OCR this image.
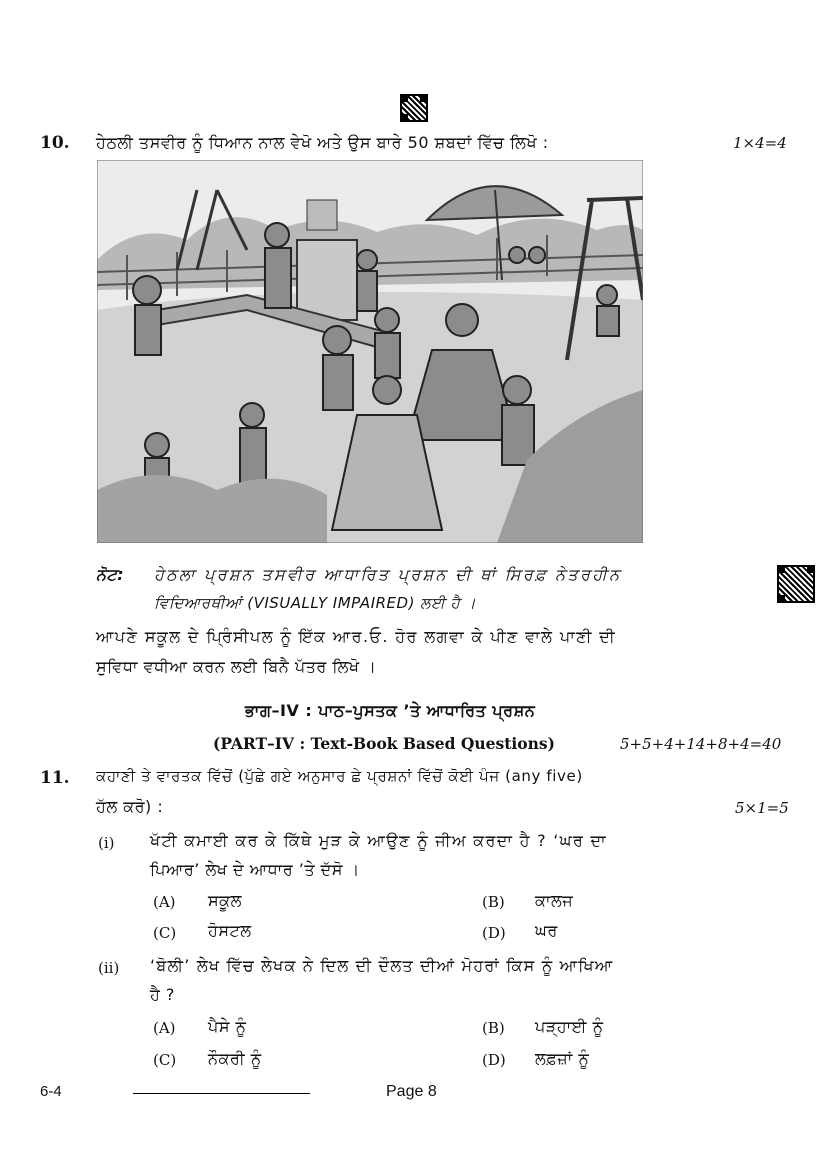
10. ਹੇਠਲੀ ਤਸਵੀਰ ਨੂੰ ਧਿਆਨ ਨਾਲ ਵੇਖੋ ਅਤੇ ਉਸ ਬਾਰੇ 50 ਸ਼ਬਦਾਂ ਵਿੱਚ ਲਿਖੋ :	1×4=4
ਨੋਟ: ਹੇਠਲਾ ਪ੍ਰਸ਼ਨ ਤਸਵੀਰ ਆਧਾਰਿਤ ਪ੍ਰਸ਼ਨ ਦੀ ਥਾਂ ਸਿਰਫ਼ ਨੇਤਰਹੀਨ
ਵਿਦਿਆਰਥੀਆਂ (VISUALLY IMPAIRED) ਲਈ ਹੈ ।
ਆਪਣੇ ਸਕੂਲ ਦੇ ਪ੍ਰਿੰਸੀਪਲ ਨੂੰ ਇੱਕ ਆਰ.ਓ. ਹੋਰ ਲਗਵਾ ਕੇ ਪੀਣ ਵਾਲੇ ਪਾਣੀ ਦੀ
ਸੁਵਿਧਾ ਵਧੀਆ ਕਰਨ ਲਈ ਬਿਨੈ ਪੱਤਰ ਲਿਖੋ ।
ਭਾਗ–IV : ਪਾਠ–ਪੁਸਤਕ ’ਤੇ ਆਧਾਰਿਤ ਪ੍ਰਸ਼ਨ
(PART–IV : Text-Book Based Questions)	5+5+4+14+8+4=40
11. ਕਹਾਣੀ ਤੇ ਵਾਰਤਕ ਵਿੱਚੋਂ (ਪੁੱਛੇ ਗਏ ਅਨੁਸਾਰ ਛੇ ਪ੍ਰਸ਼ਨਾਂ ਵਿੱਚੋਂ ਕੋਈ ਪੰਜ (any five)
ਹੱਲ ਕਰੋ) :	5×1=5
(i) ਖੱਟੀ ਕਮਾਈ ਕਰ ਕੇ ਕਿੱਥੇ ਮੁੜ ਕੇ ਆਉਣ ਨੂੰ ਜੀਅ ਕਰਦਾ ਹੈ ? ‘ਘਰ ਦਾ
ਪਿਆਰ’ ਲੇਖ ਦੇ ਆਧਾਰ ’ਤੇ ਦੱਸੋ ।
(A) ਸਕੂਲ	(B) ਕਾਲਜ
(C) ਹੋਸਟਲ	(D) ਘਰ
(ii) ‘ਬੋਲੀ’ ਲੇਖ ਵਿੱਚ ਲੇਖਕ ਨੇ ਦਿਲ ਦੀ ਦੌਲਤ ਦੀਆਂ ਮੋਹਰਾਂ ਕਿਸ ਨੂੰ ਆਖਿਆ
ਹੈ ?
(A) ਪੈਸੇ ਨੂੰ	(B) ਪੜ੍ਹਾਈ ਨੂੰ
(C) ਨੌਕਰੀ ਨੂੰ	(D) ਲਫ਼ਜ਼ਾਂ ਨੂੰ
6-4	Page 8
